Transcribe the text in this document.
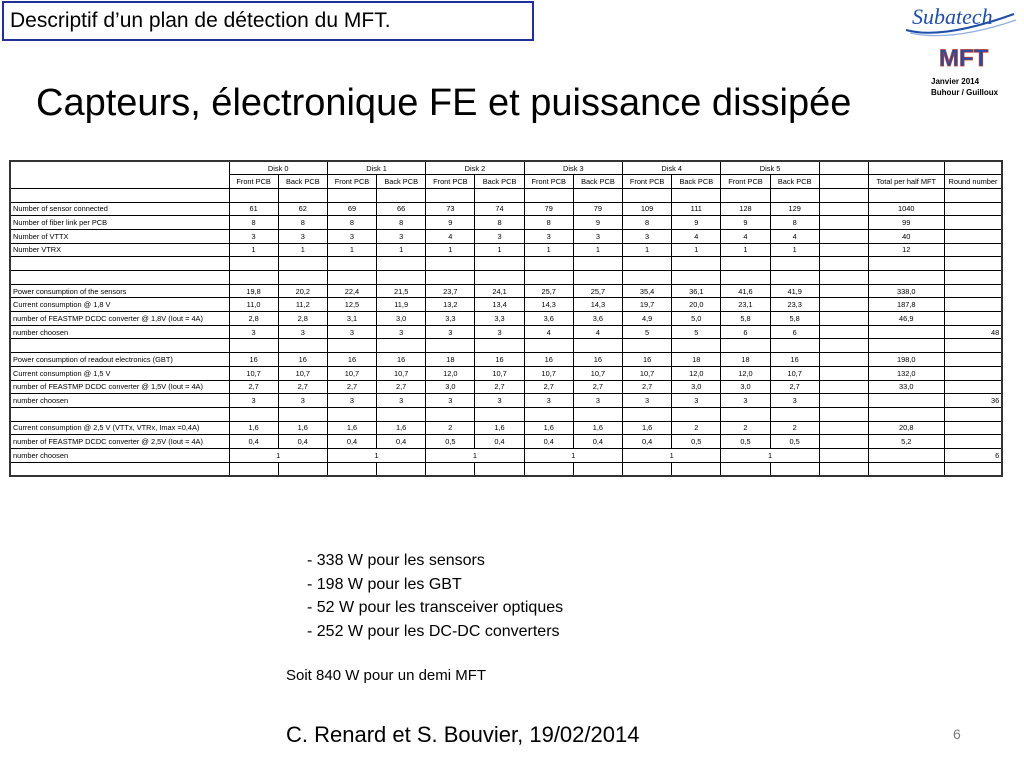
Descriptif d’un plan de détection du MFT.	Subatech
MFT
Janvier 2014
Buhour / Guilloux
Capteurs, électronique FE et puissance dissipée
	Disk 0		Disk 1		Disk 2		Disk 3		Disk 4		Disk 5				
	Front PCB	Back PCB	Front PCB	Back PCB	Front PCB	Back PCB	Front PCB	Back PCB	Front PCB	Back PCB	Front PCB	Back PCB		Total per half MFT	Round number

Number of sensor connected	61	62	69	66	73	74	79	79	109	111	128	129		1040	
Number of fiber link per PCB	8	8	8	8	9	8	8	9	8	9	9	8		99	
Number of VTTX	3	3	3	3	4	3	3	3	3	4	4	4		40	
Number VTRX	1	1	1	1	1	1	1	1	1	1	1	1		12	

Power consumption of the sensors	19,8	20,2	22,4	21,5	23,7	24,1	25,7	25,7	35,4	36,1	41,6	41,9		338,0	
Current consumption @ 1,8 V	11,0	11,2	12,5	11,9	13,2	13,4	14,3	14,3	19,7	20,0	23,1	23,3		187,8	
number of FEASTMP DCDC converter @ 1,8V (Iout = 4A)	2,8	2,8	3,1	3,0	3,3	3,3	3,6	3,6	4,9	5,0	5,8	5,8		46,9	
number choosen	3	3	3	3	3	3	4	4	5	5	6	6			48

Power consumption of readout electronics (GBT)	16	16	16	16	18	16	16	16	16	18	18	16		198,0	
Current consumption @ 1,5 V	10,7	10,7	10,7	10,7	12,0	10,7	10,7	10,7	10,7	12,0	12,0	10,7		132,0	
number of FEASTMP DCDC converter @ 1,5V (Iout = 4A)	2,7	2,7	2,7	2,7	3,0	2,7	2,7	2,7	2,7	3,0	3,0	2,7		33,0	
number choosen	3	3	3	3	3	3	3	3	3	3	3	3			36

Current consumption @ 2,5 V (VTTx, VTRx, Imax =0,4A)	1,6	1,6	1,6	1,6	2	1,6	1,6	1,6	1,6	2	2	2		20,8	
number of FEASTMP DCDC converter @ 2,5V (Iout = 4A)	0,4	0,4	0,4	0,4	0,5	0,4	0,4	0,4	0,4	0,5	0,5	0,5		5,2	
number choosen	1		1		1		1		1		1				6

- 338 W pour les sensors
- 198 W pour les GBT
- 52 W pour les transceiver optiques
- 252 W pour les DC-DC converters
Soit 840 W pour un demi MFT
C. Renard et S. Bouvier, 19/02/2014	6
